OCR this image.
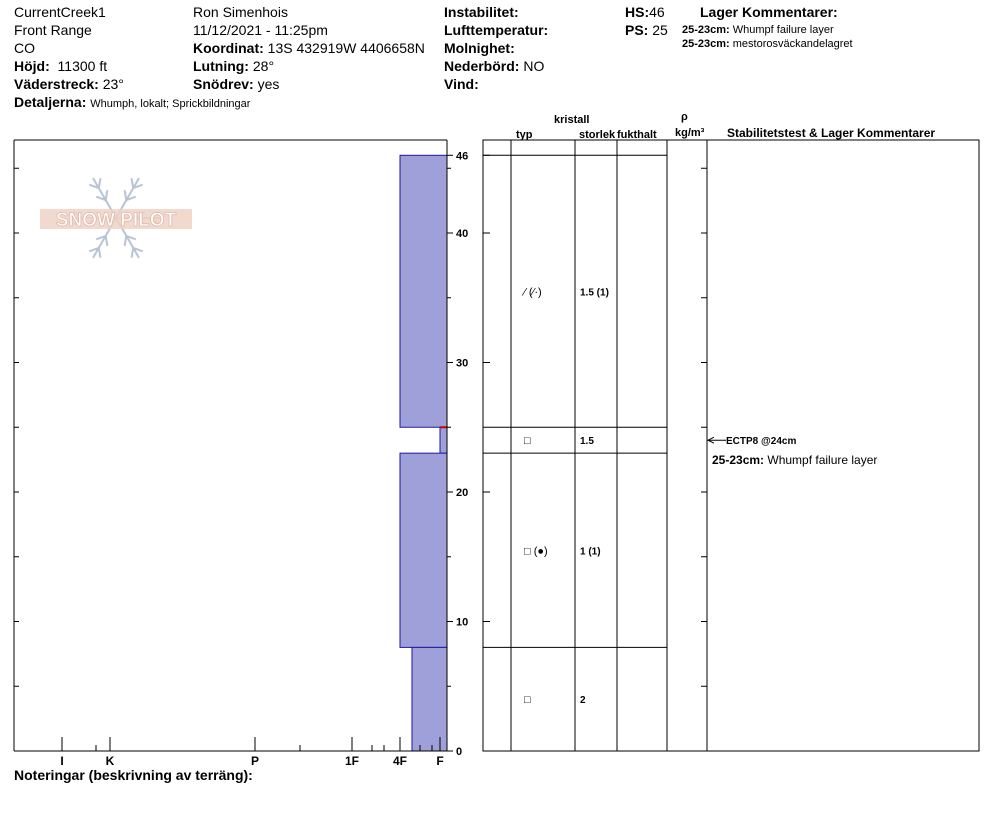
CurrentCreek1
Front Range
CO
Höjd: 11300 ft
Väderstreck: 23°
Detaljerna: Whumph, lokalt; Sprickbildningar
Ron Simenhois
11/12/2021 - 11:25pm
Koordinat: 13S 432919W 4406658N
Lutning: 28°
Snödrev: yes
Instabilitet:
Lufttemperatur:
Molnighet:
Nederbörd: NO
Vind:
HS:46
PS: 25
Lager Kommentarer:
25-23cm: Whumpf failure layer
25-23cm: mestorosväckandelagret
kristall
typ	storlek fukthalt
ρ
kg/m³ Stabilitetstest & Lager Kommentarer
SNOW PILOT
0
10
20
30
40
46
I	K	P	1F	4F F
⁄ (⁄·)	1.5 (1)
□	1.5
□ (●)	1 (1)
□	2
ECTP8 @24cm
25-23cm: Whumpf failure layer
Noteringar (beskrivning av terräng):
